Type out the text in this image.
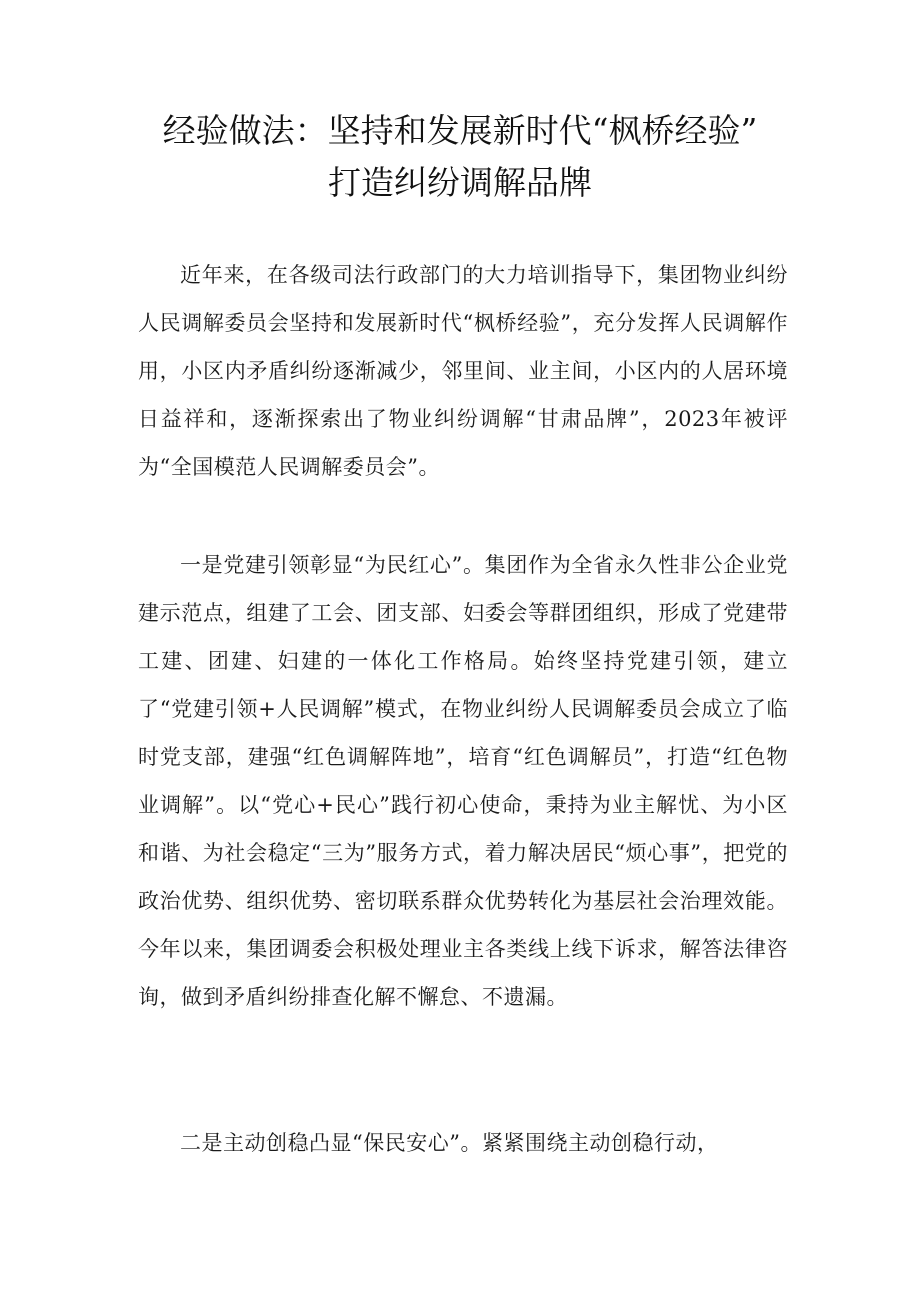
经验做法：坚持和发展新时代“枫桥经验”
打造纠纷调解品牌

近年来，在各级司法行政部门的大力培训指导下，集团物业纠纷人民调解委员会坚持和发展新时代“枫桥经验”，充分发挥人民调解作用，小区内矛盾纠纷逐渐减少，邻里间、业主间，小区内的人居环境日益祥和，逐渐探索出了物业纠纷调解“甘肃品牌”，2023年被评为“全国模范人民调解委员会”。

一是党建引领彰显“为民红心”。集团作为全省永久性非公企业党建示范点，组建了工会、团支部、妇委会等群团组织，形成了党建带工建、团建、妇建的一体化工作格局。始终坚持党建引领，建立了“党建引领+人民调解”模式，在物业纠纷人民调解委员会成立了临时党支部，建强“红色调解阵地”，培育“红色调解员”，打造“红色物业调解”。以“党心+民心”践行初心使命，秉持为业主解忧、为小区和谐、为社会稳定“三为”服务方式，着力解决居民“烦心事”，把党的政治优势、组织优势、密切联系群众优势转化为基层社会治理效能。今年以来，集团调委会积极处理业主各类线上线下诉求，解答法律咨询，做到矛盾纠纷排查化解不懈怠、不遗漏。

二是主动创稳凸显“保民安心”。紧紧围绕主动创稳行动，
